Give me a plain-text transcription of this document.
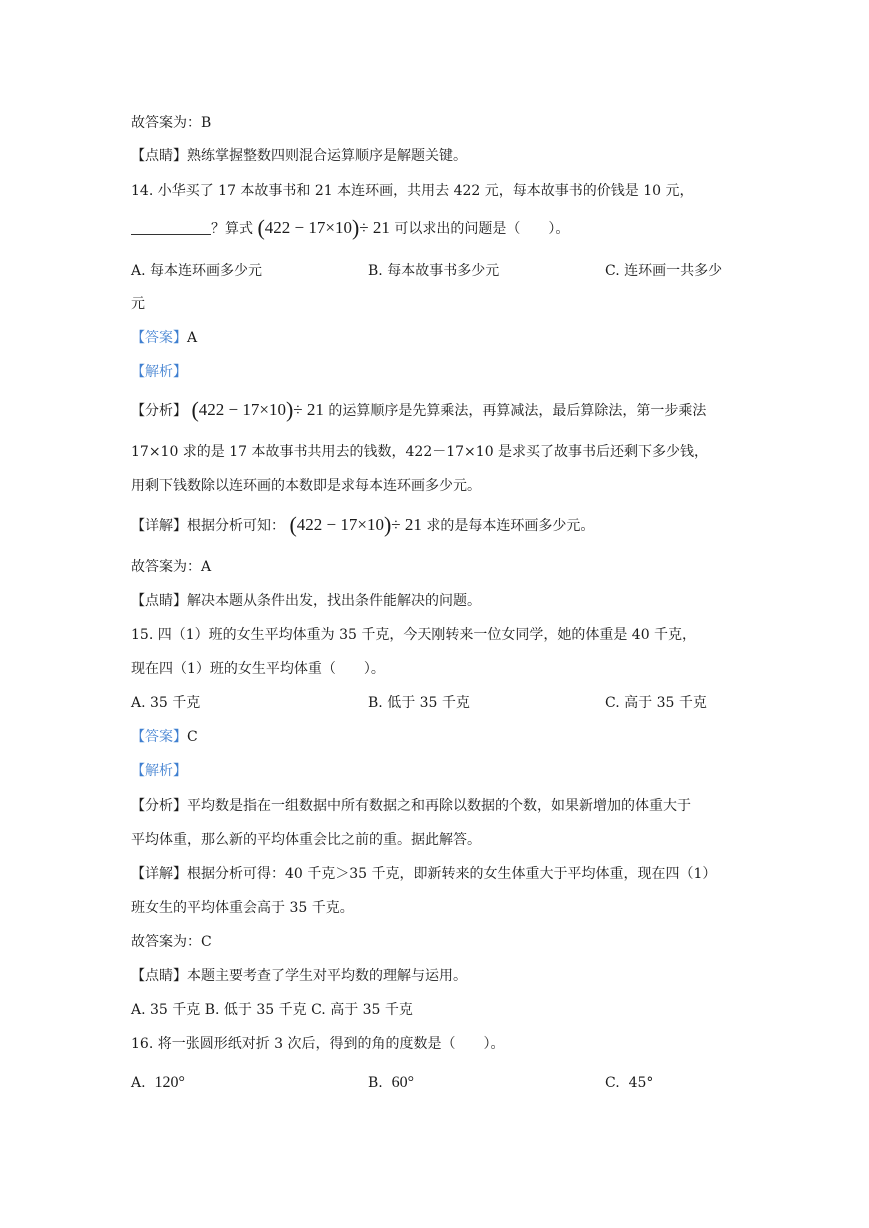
故答案为：B
【点睛】熟练掌握整数四则混合运算顺序是解题关键。
14. 小华买了 17 本故事书和 21 本连环画，共用去 422 元，每本故事书的价钱是 10 元，
？算式 (422 − 17×10)÷ 21 可以求出的问题是（　　）。
A. 每本连环画多少元	B. 每本故事书多少元	C. 连环画一共多少
元
【答案】A
【解析】
【分析】 (422 − 17×10)÷ 21 的运算顺序是先算乘法，再算减法，最后算除法，第一步乘法
17×10 求的是 17 本故事书共用去的钱数，422－17×10 是求买了故事书后还剩下多少钱，
用剩下钱数除以连环画的本数即是求每本连环画多少元。
【详解】根据分析可知： (422 − 17×10)÷ 21 求的是每本连环画多少元。
故答案为：A
【点睛】解决本题从条件出发，找出条件能解决的问题。
15. 四（1）班的女生平均体重为 35 千克，今天刚转来一位女同学，她的体重是 40 千克，
现在四（1）班的女生平均体重（　　）。
A. 35 千克	B. 低于 35 千克	C. 高于 35 千克
【答案】C
【解析】
【分析】平均数是指在一组数据中所有数据之和再除以数据的个数，如果新增加的体重大于
平均体重，那么新的平均体重会比之前的重。据此解答。
【详解】根据分析可得：40 千克＞35 千克，即新转来的女生体重大于平均体重，现在四（1）
班女生的平均体重会高于 35 千克。
故答案为：C
【点睛】本题主要考查了学生对平均数的理解与运用。
A. 35 千克 B. 低于 35 千克 C. 高于 35 千克
16. 将一张圆形纸对折 3 次后，得到的角的度数是（　　）。
A. 120°	B. 60°	C. 45°
